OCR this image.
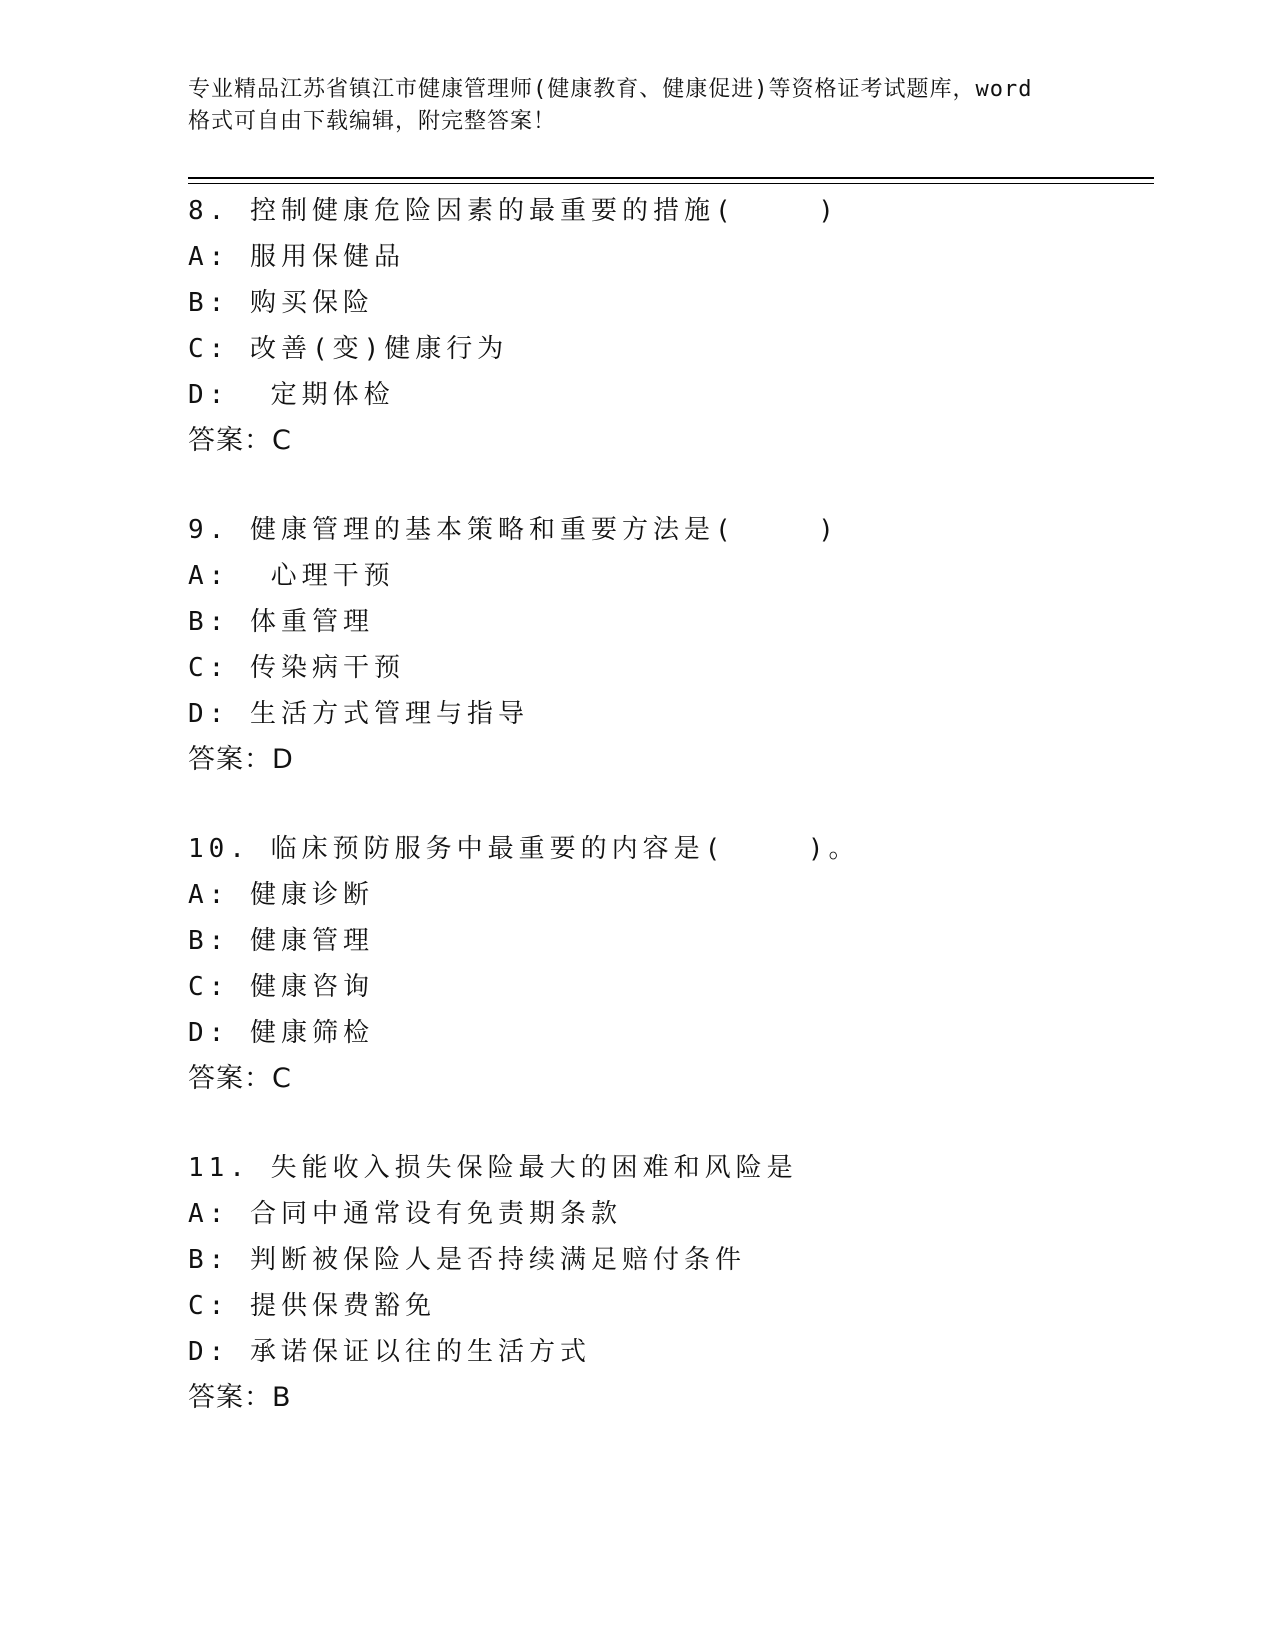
专业精品江苏省镇江市健康管理师(健康教育、健康促进)等资格证考试题库，word
格式可自由下载编辑，附完整答案！
8. 控制健康危险因素的最重要的措施(    )
A: 服用保健品
B: 购买保险
C: 改善(变)健康行为
D:  定期体检
答案：C
9. 健康管理的基本策略和重要方法是(    )
A:  心理干预
B: 体重管理
C: 传染病干预
D: 生活方式管理与指导
答案：D
10. 临床预防服务中最重要的内容是(    )。
A: 健康诊断
B: 健康管理
C: 健康咨询
D: 健康筛检
答案：C
11. 失能收入损失保险最大的困难和风险是
A: 合同中通常设有免责期条款
B: 判断被保险人是否持续满足赔付条件
C: 提供保费豁免
D: 承诺保证以往的生活方式
答案：B
